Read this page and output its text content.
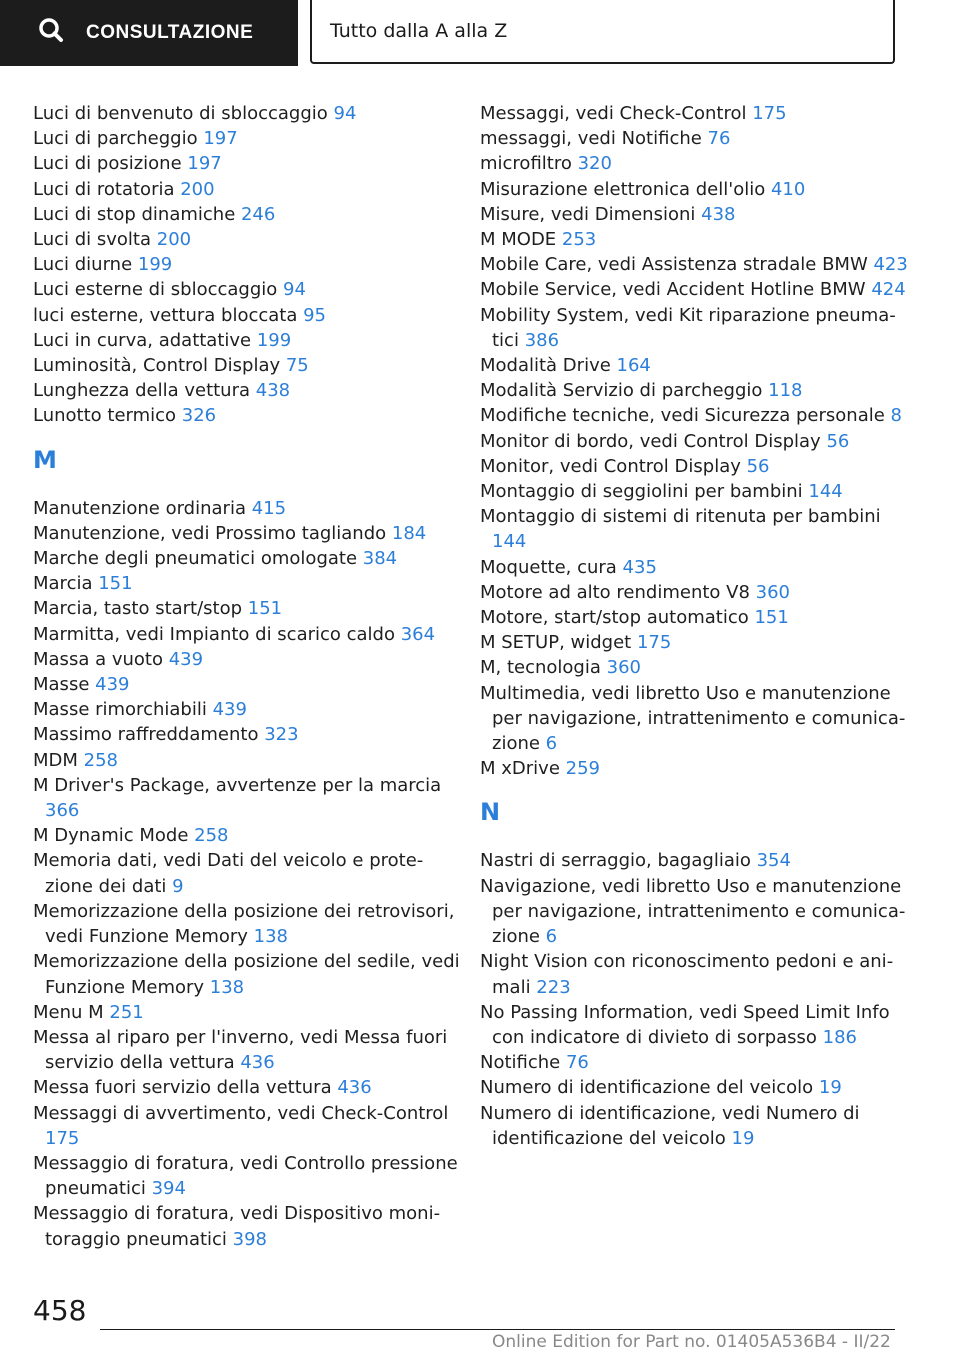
CONSULTAZIONE	Tutto dalla A alla Z
Luci di benvenuto di sbloccaggio 94
Luci di parcheggio 197
Luci di posizione 197
Luci di rotatoria 200
Luci di stop dinamiche 246
Luci di svolta 200
Luci diurne 199
Luci esterne di sbloccaggio 94
luci esterne, vettura bloccata 95
Luci in curva, adattative 199
Luminosità, Control Display 75
Lunghezza della vettura 438
Lunotto termico 326
M
Manutenzione ordinaria 415
Manutenzione, vedi Prossimo tagliando 184
Marche degli pneumatici omologate 384
Marcia 151
Marcia, tasto start/stop 151
Marmitta, vedi Impianto di scarico caldo 364
Massa a vuoto 439
Masse 439
Masse rimorchiabili 439
Massimo raffreddamento 323
MDM 258
M Driver's Package, avvertenze per la marcia 366
M Dynamic Mode 258
Memoria dati, vedi Dati del veicolo e protezione dei dati 9
Memorizzazione della posizione dei retrovisori, vedi Funzione Memory 138
Memorizzazione della posizione del sedile, vedi Funzione Memory 138
Menu M 251
Messa al riparo per l'inverno, vedi Messa fuori servizio della vettura 436
Messa fuori servizio della vettura 436
Messaggi di avvertimento, vedi Check-Control 175
Messaggio di foratura, vedi Controllo pressione pneumatici 394
Messaggio di foratura, vedi Dispositivo monitoraggio pneumatici 398
Messaggi, vedi Check-Control 175
messaggi, vedi Notifiche 76
microfiltro 320
Misurazione elettronica dell'olio 410
Misure, vedi Dimensioni 438
M MODE 253
Mobile Care, vedi Assistenza stradale BMW 423
Mobile Service, vedi Accident Hotline BMW 424
Mobility System, vedi Kit riparazione pneumatici 386
Modalità Drive 164
Modalità Servizio di parcheggio 118
Modifiche tecniche, vedi Sicurezza personale 8
Monitor di bordo, vedi Control Display 56
Monitor, vedi Control Display 56
Montaggio di seggiolini per bambini 144
Montaggio di sistemi di ritenuta per bambini 144
Moquette, cura 435
Motore ad alto rendimento V8 360
Motore, start/stop automatico 151
M SETUP, widget 175
M, tecnologia 360
Multimedia, vedi libretto Uso e manutenzione per navigazione, intrattenimento e comunicazione 6
M xDrive 259
N
Nastri di serraggio, bagagliaio 354
Navigazione, vedi libretto Uso e manutenzione per navigazione, intrattenimento e comunicazione 6
Night Vision con riconoscimento pedoni e animali 223
No Passing Information, vedi Speed Limit Info con indicatore di divieto di sorpasso 186
Notifiche 76
Numero di identificazione del veicolo 19
Numero di identificazione, vedi Numero di identificazione del veicolo 19
458
Online Edition for Part no. 01405A536B4 - II/22
